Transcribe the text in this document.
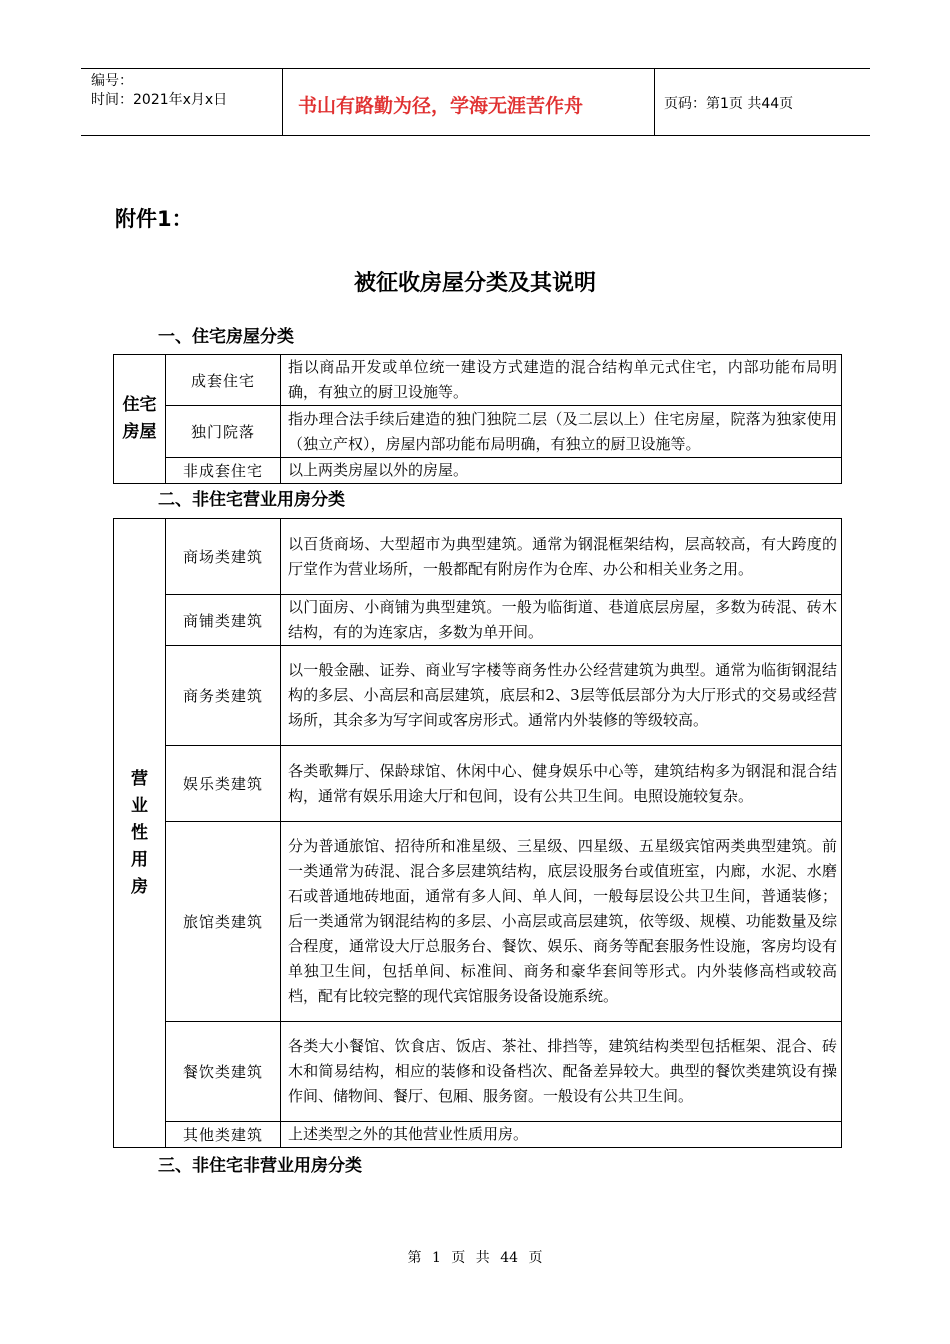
编号：
时间：2021年x月x日	书山有路勤为径，学海无涯苦作舟	页码：第1页 共44页
附件1：
被征收房屋分类及其说明
一、住宅房屋分类
住宅房屋	成套住宅	指以商品开发或单位统一建设方式建造的混合结构单元式住宅，内部功能布局明确，有独立的厨卫设施等。
	独门院落	指办理合法手续后建造的独门独院二层（及二层以上）住宅房屋，院落为独家使用（独立产权），房屋内部功能布局明确，有独立的厨卫设施等。
	非成套住宅	以上两类房屋以外的房屋。
二、非住宅营业用房分类
营业性用房	商场类建筑	以百货商场、大型超市为典型建筑。通常为钢混框架结构，层高较高，有大跨度的厅堂作为营业场所，一般都配有附房作为仓库、办公和相关业务之用。
	商铺类建筑	以门面房、小商铺为典型建筑。一般为临街道、巷道底层房屋，多数为砖混、砖木结构，有的为连家店，多数为单开间。
	商务类建筑	以一般金融、证券、商业写字楼等商务性办公经营建筑为典型。通常为临街钢混结构的多层、小高层和高层建筑，底层和2、3层等低层部分为大厅形式的交易或经营场所，其余多为写字间或客房形式。通常内外装修的等级较高。
	娱乐类建筑	各类歌舞厅、保龄球馆、休闲中心、健身娱乐中心等，建筑结构多为钢混和混合结构，通常有娱乐用途大厅和包间，设有公共卫生间。电照设施较复杂。
	旅馆类建筑	分为普通旅馆、招待所和准星级、三星级、四星级、五星级宾馆两类典型建筑。前一类通常为砖混、混合多层建筑结构，底层设服务台或值班室，内廊，水泥、水磨石或普通地砖地面，通常有多人间、单人间，一般每层设公共卫生间，普通装修；后一类通常为钢混结构的多层、小高层或高层建筑，依等级、规模、功能数量及综合程度，通常设大厅总服务台、餐饮、娱乐、商务等配套服务性设施，客房均设有单独卫生间，包括单间、标准间、商务和豪华套间等形式。内外装修高档或较高档，配有比较完整的现代宾馆服务设备设施系统。
	餐饮类建筑	各类大小餐馆、饮食店、饭店、茶社、排挡等，建筑结构类型包括框架、混合、砖木和简易结构，相应的装修和设备档次、配备差异较大。典型的餐饮类建筑设有操作间、储物间、餐厅、包厢、服务窗。一般设有公共卫生间。
	其他类建筑	上述类型之外的其他营业性质用房。
三、非住宅非营业用房分类
第 1 页 共 44 页
